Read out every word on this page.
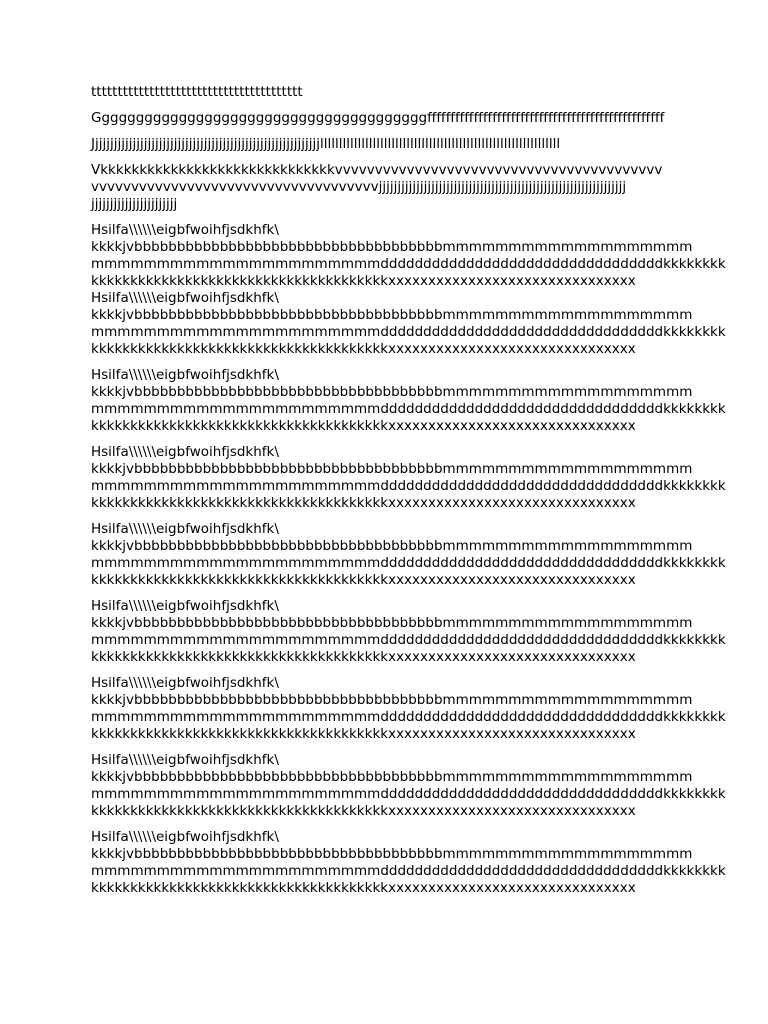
tttttttttttttttttttttttttttttttttttttttt

Gggggggggggggggggggggggggggggggggggggggfffffffffffffffffffffffffffffffffffffffffffffffffff

Jjjjjjjjjjjjjjjjjjjjjjjjjjjjjjjjjjjjjjjjjjjjjjjjjjjjjjjjjjjjjllllllllllllllllllllllllllllllllllllllllllllllllllllllllllllllll

Vkkkkkkkkkkkkkkkkkkkkkkkkkkkkkkvvvvvvvvvvvvvvvvvvvvvvvvvvvvvvvvvvvvvvvvv
vvvvvvvvvvvvvvvvvvvvvvvvvvvvvvvvvvvvjjjjjjjjjjjjjjjjjjjjjjjjjjjjjjjjjjjjjjjjjjjjjjjjjjjjjjjjjjjjjjjjjj
jjjjjjjjjjjjjjjjjjjjjjj
Hsilfa\\\\\\eigbfwoihfjsdkhfk\
kkkkjvbbbbbbbbbbbbbbbbbbbbbbbbbbbbbbbbbbbbmmmmmmmmmmmmmmmmmmm
mmmmmmmmmmmmmmmmmmmmmmdddddddddddddddddddddddddddddddddkkkkkkkk
kkkkkkkkkkkkkkkkkkkkkkkkkkkkkkkkkkkkkkxxxxxxxxxxxxxxxxxxxxxxxxxxxxxxx
Hsilfa\\\\\\eigbfwoihfjsdkhfk\
kkkkjvbbbbbbbbbbbbbbbbbbbbbbbbbbbbbbbbbbbbmmmmmmmmmmmmmmmmmmm
mmmmmmmmmmmmmmmmmmmmmmdddddddddddddddddddddddddddddddddkkkkkkkk
kkkkkkkkkkkkkkkkkkkkkkkkkkkkkkkkkkkkkkxxxxxxxxxxxxxxxxxxxxxxxxxxxxxxx
Hsilfa\\\\\\eigbfwoihfjsdkhfk\
kkkkjvbbbbbbbbbbbbbbbbbbbbbbbbbbbbbbbbbbbbmmmmmmmmmmmmmmmmmmm
mmmmmmmmmmmmmmmmmmmmmmdddddddddddddddddddddddddddddddddkkkkkkkk
kkkkkkkkkkkkkkkkkkkkkkkkkkkkkkkkkkkkkkxxxxxxxxxxxxxxxxxxxxxxxxxxxxxxx
Hsilfa\\\\\\eigbfwoihfjsdkhfk\
kkkkjvbbbbbbbbbbbbbbbbbbbbbbbbbbbbbbbbbbbbmmmmmmmmmmmmmmmmmmm
mmmmmmmmmmmmmmmmmmmmmmdddddddddddddddddddddddddddddddddkkkkkkkk
kkkkkkkkkkkkkkkkkkkkkkkkkkkkkkkkkkkkkkxxxxxxxxxxxxxxxxxxxxxxxxxxxxxxx
Hsilfa\\\\\\eigbfwoihfjsdkhfk\
kkkkjvbbbbbbbbbbbbbbbbbbbbbbbbbbbbbbbbbbbbmmmmmmmmmmmmmmmmmmm
mmmmmmmmmmmmmmmmmmmmmmdddddddddddddddddddddddddddddddddkkkkkkkk
kkkkkkkkkkkkkkkkkkkkkkkkkkkkkkkkkkkkkkxxxxxxxxxxxxxxxxxxxxxxxxxxxxxxx
Hsilfa\\\\\\eigbfwoihfjsdkhfk\
kkkkjvbbbbbbbbbbbbbbbbbbbbbbbbbbbbbbbbbbbbmmmmmmmmmmmmmmmmmmm
mmmmmmmmmmmmmmmmmmmmmmdddddddddddddddddddddddddddddddddkkkkkkkk
kkkkkkkkkkkkkkkkkkkkkkkkkkkkkkkkkkkkkkxxxxxxxxxxxxxxxxxxxxxxxxxxxxxxx
Hsilfa\\\\\\eigbfwoihfjsdkhfk\
kkkkjvbbbbbbbbbbbbbbbbbbbbbbbbbbbbbbbbbbbbmmmmmmmmmmmmmmmmmmm
mmmmmmmmmmmmmmmmmmmmmmdddddddddddddddddddddddddddddddddkkkkkkkk
kkkkkkkkkkkkkkkkkkkkkkkkkkkkkkkkkkkkkkxxxxxxxxxxxxxxxxxxxxxxxxxxxxxxx
Hsilfa\\\\\\eigbfwoihfjsdkhfk\
kkkkjvbbbbbbbbbbbbbbbbbbbbbbbbbbbbbbbbbbbbmmmmmmmmmmmmmmmmmmm
mmmmmmmmmmmmmmmmmmmmmmdddddddddddddddddddddddddddddddddkkkkkkkk
kkkkkkkkkkkkkkkkkkkkkkkkkkkkkkkkkkkkkkxxxxxxxxxxxxxxxxxxxxxxxxxxxxxxx
Hsilfa\\\\\\eigbfwoihfjsdkhfk\
kkkkjvbbbbbbbbbbbbbbbbbbbbbbbbbbbbbbbbbbbbmmmmmmmmmmmmmmmmmmm
mmmmmmmmmmmmmmmmmmmmmmdddddddddddddddddddddddddddddddddkkkkkkkk
kkkkkkkkkkkkkkkkkkkkkkkkkkkkkkkkkkkkkkxxxxxxxxxxxxxxxxxxxxxxxxxxxxxxx
